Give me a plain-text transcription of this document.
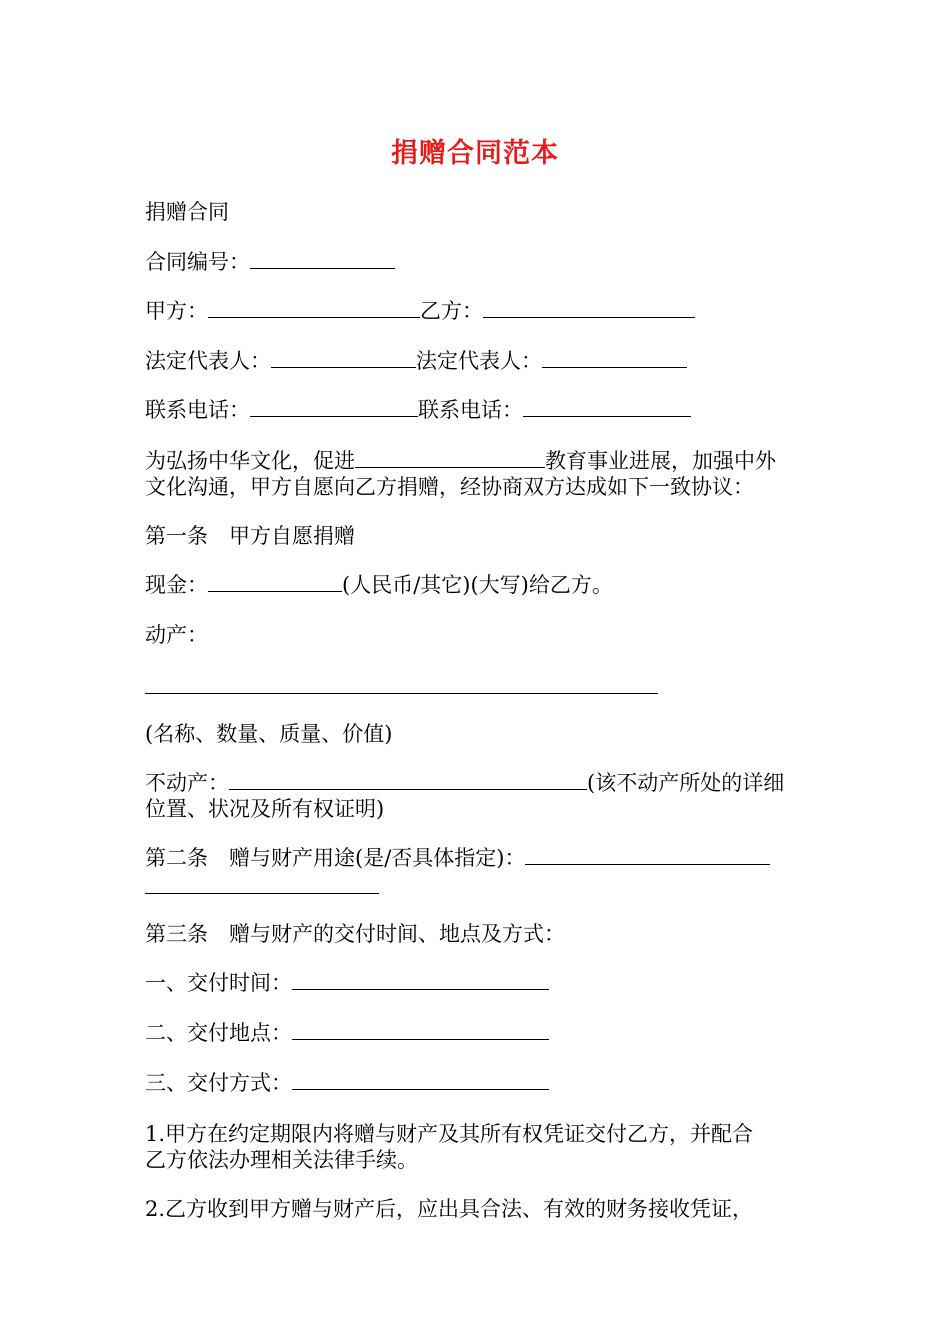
捐赠合同范本
捐赠合同
合同编号：
甲方：	乙方：
法定代表人：	法定代表人：
联系电话：	联系电话：
为弘扬中华文化，促进	教育事业进展，加强中外
文化沟通，甲方自愿向乙方捐赠，经协商双方达成如下一致协议：
第一条　甲方自愿捐赠
现金：	(人民币/其它)(大写)给乙方。
动产：
(名称、数量、质量、价值)
不动产：	(该不动产所处的详细
位置、状况及所有权证明)
第二条　赠与财产用途(是/否具体指定)：
第三条　赠与财产的交付时间、地点及方式：
一、交付时间：
二、交付地点：
三、交付方式：
1.甲方在约定期限内将赠与财产及其所有权凭证交付乙方，并配合
乙方依法办理相关法律手续。
2.乙方收到甲方赠与财产后，应出具合法、有效的财务接收凭证，
